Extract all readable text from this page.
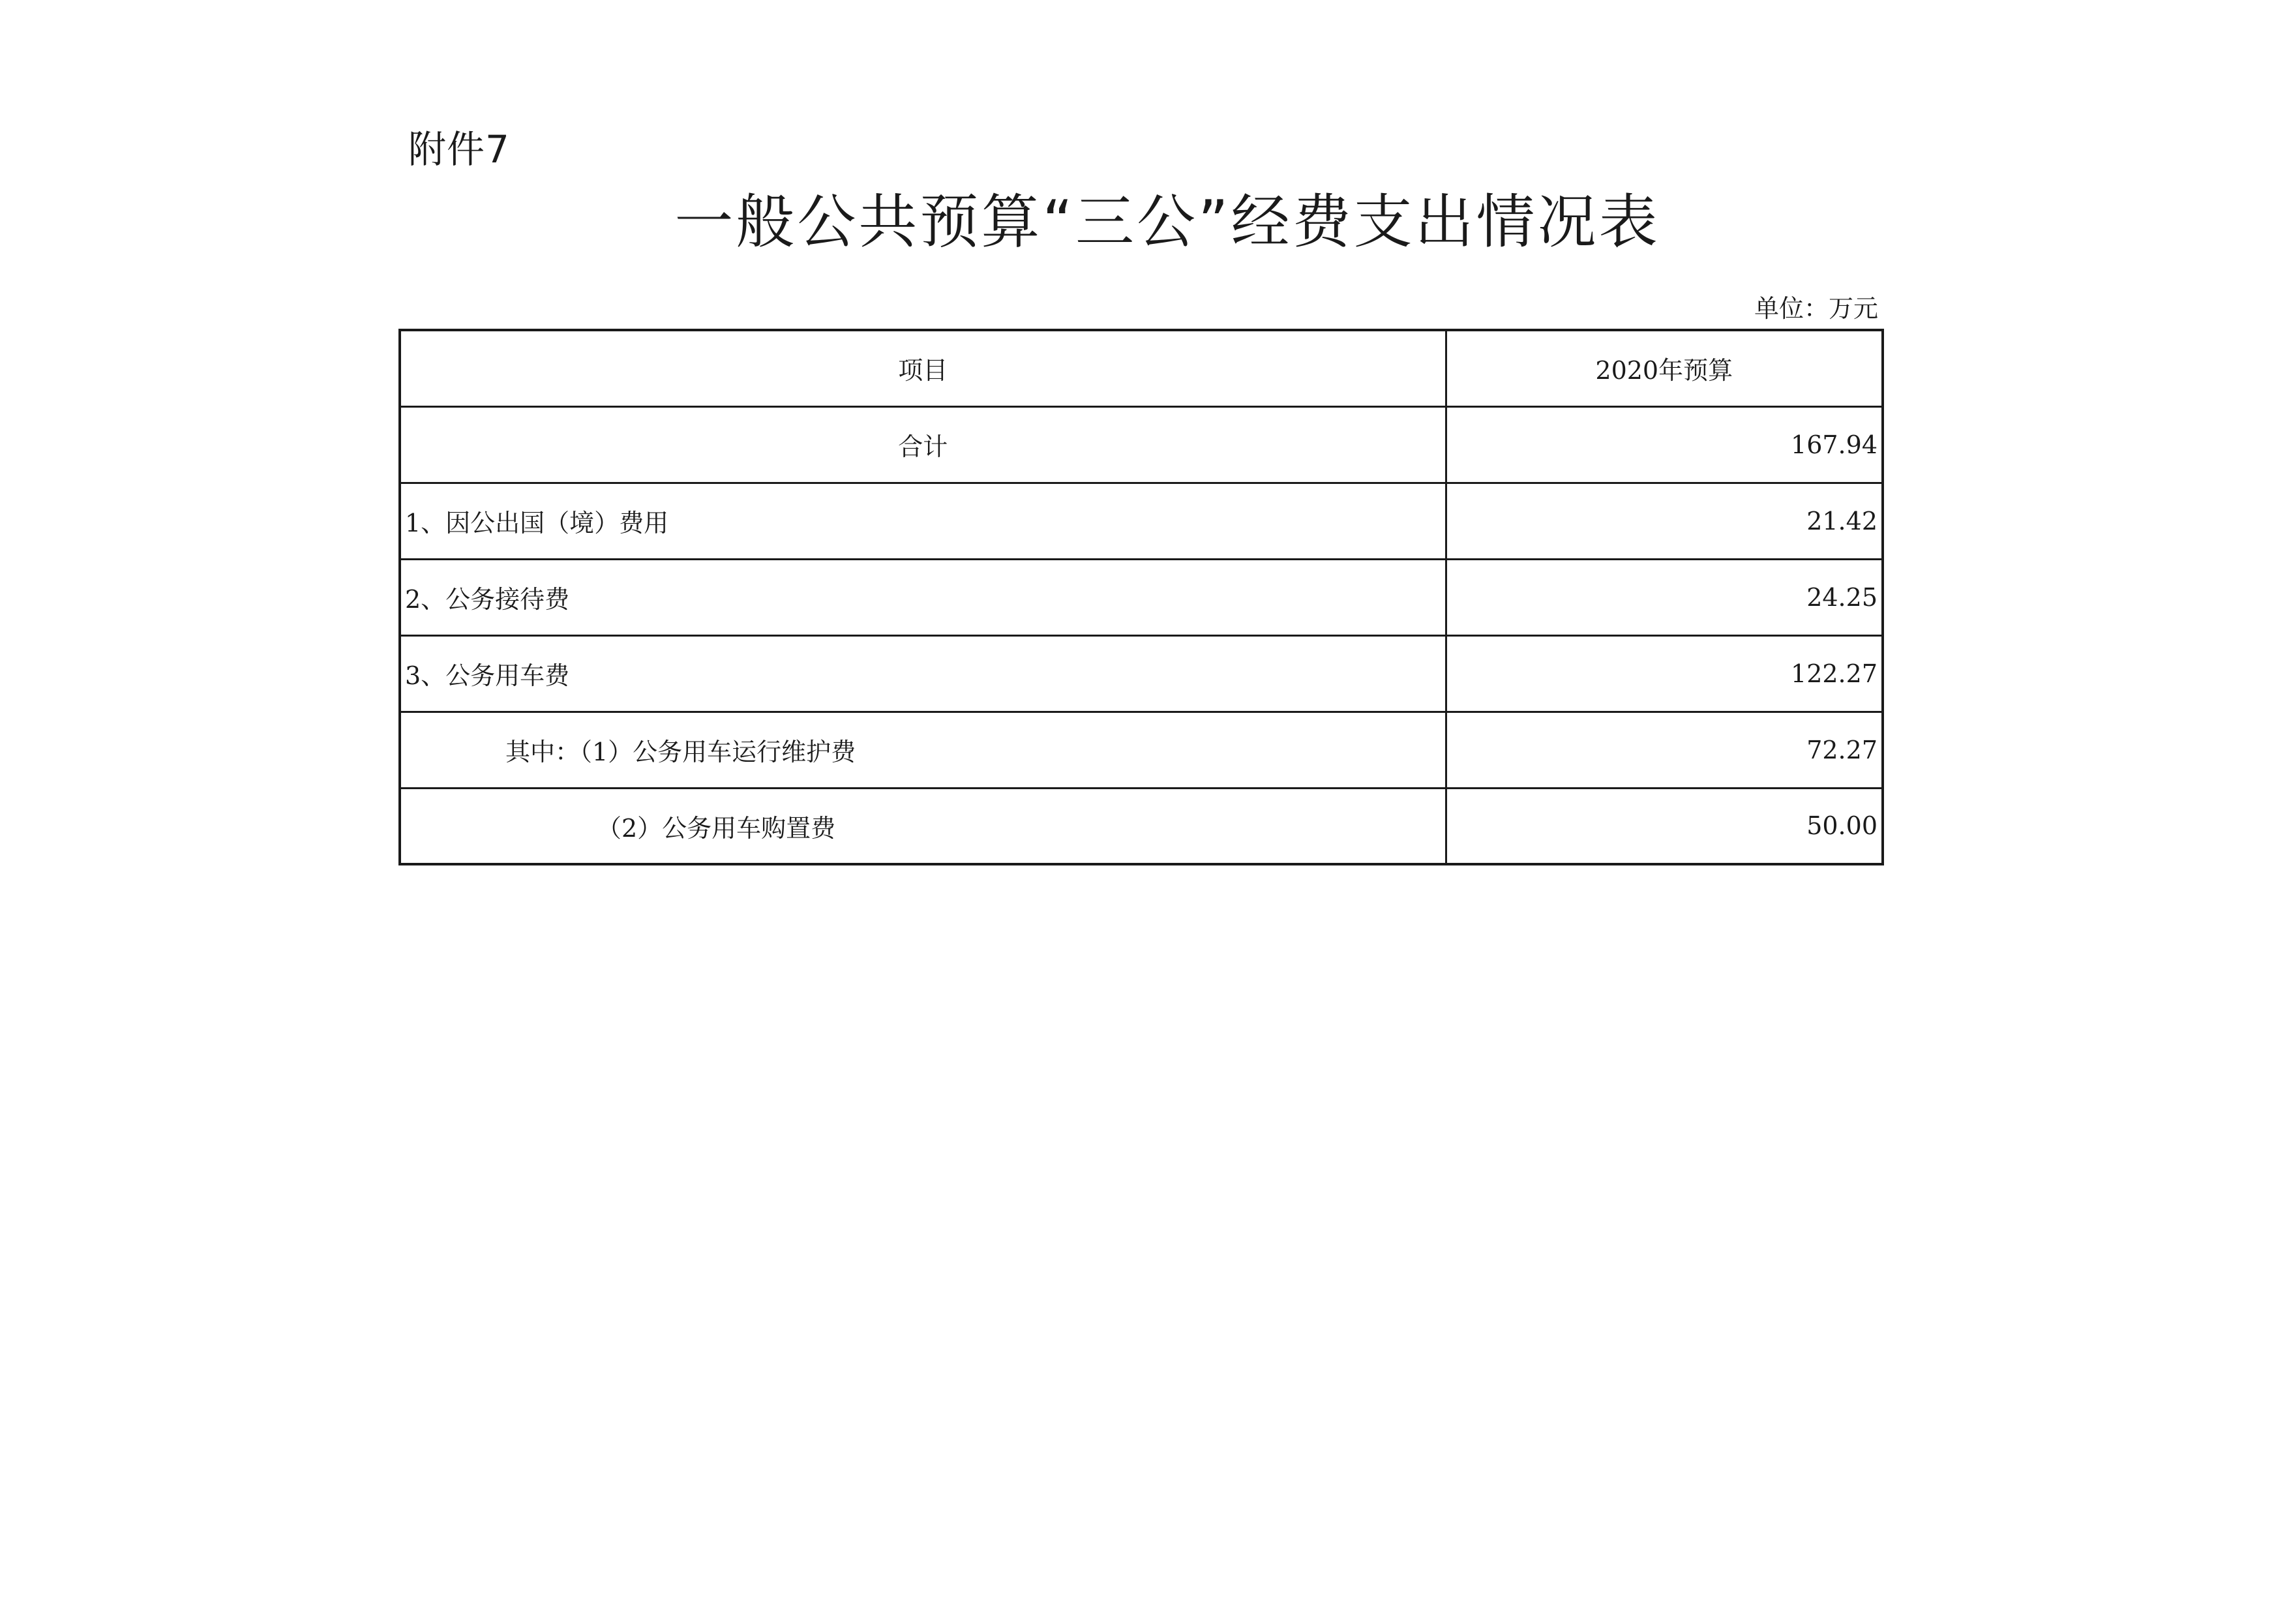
附件7
一般公共预算“三公”经费支出情况表
单位：万元
项目	2020年预算
合计	167.94
1、因公出国（境）费用	21.42
2、公务接待费	24.25
3、公务用车费	122.27
其中：（1）公务用车运行维护费	72.27
（2）公务用车购置费	50.00
